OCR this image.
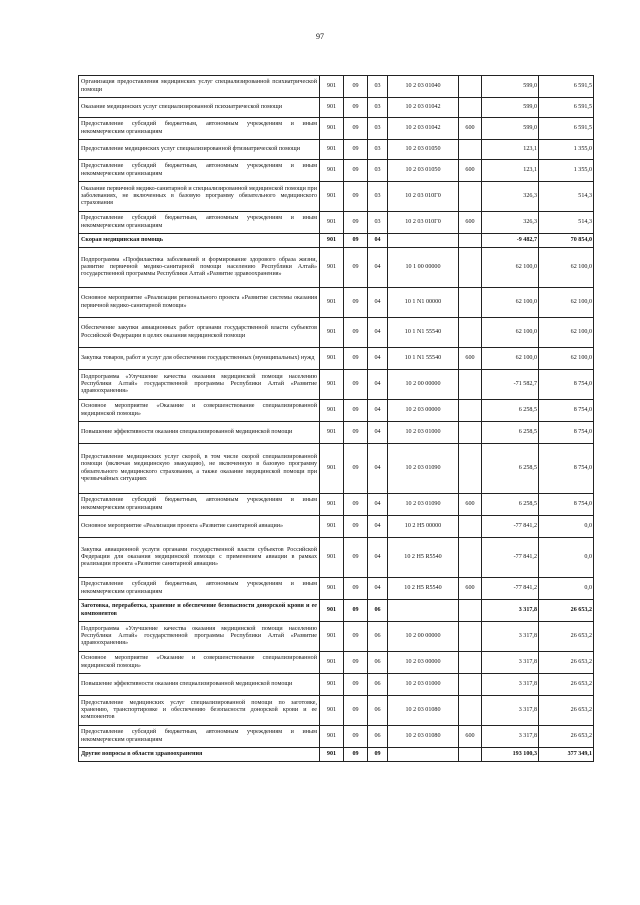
97
Организация предоставления медицинских услуг специализированной психиатрической помощи	901	09	03	10 2 03 01040		599,0	6 591,5
Оказание медицинских услуг специализированной психиатрической помощи	901	09	03	10 2 03 01042		599,0	6 591,5
Предоставление субсидий бюджетным, автономным учреждениям и иным некоммерческим организациям	901	09	03	10 2 03 01042	600	599,0	6 591,5
Предоставление медицинских услуг специализированной фтизиатрической помощи	901	09	03	10 2 03 01050		123,1	1 355,0
Предоставление субсидий бюджетным, автономным учреждениям и иным некоммерческим организациям	901	09	03	10 2 03 01050	600	123,1	1 355,0
Оказание первичной медико-санитарной и специализированной медицинской помощи при заболеваниях, не включенных в базовую программу обязательного медицинского страхования	901	09	03	10 2 03 010Г0		326,3	514,3
Предоставление субсидий бюджетным, автономным учреждениям и иным некоммерческим организациям	901	09	03	10 2 03 010Г0	600	326,3	514,3
Скорая медицинская помощь	901	09	04			-9 482,7	70 854,0
Подпрограмма «Профилактика заболеваний и формирование здорового образа жизни, развитие первичной медико-санитарной помощи населению Республики Алтай» государственной программы Республики Алтай «Развитие здравоохранения»	901	09	04	10 1 00 00000		62 100,0	62 100,0
Основное мероприятие «Реализация регионального проекта «Развитие системы оказания первичной медико-санитарной помощи»	901	09	04	10 1 N1 00000		62 100,0	62 100,0
Обеспечение закупки авиационных работ органами государственной власти субъектов Российской Федерации в целях оказания медицинской помощи	901	09	04	10 1 N1 55540		62 100,0	62 100,0
Закупка товаров, работ и услуг для обеспечения государственных (муниципальных) нужд	901	09	04	10 1 N1 55540	600	62 100,0	62 100,0
Подпрограмма «Улучшение качества оказания медицинской помощи населению Республики Алтай» государственной программы Республики Алтай «Развитие здравоохранения»	901	09	04	10 2 00 00000		-71 582,7	8 754,0
Основное мероприятие «Оказание и совершенствование специализированной медицинской помощи»	901	09	04	10 2 03 00000		6 258,5	8 754,0
Повышение эффективности оказания специализированной медицинской помощи	901	09	04	10 2 03 01000		6 258,5	8 754,0
Предоставление медицинских услуг скорой, в том числе скорой специализированной помощи (включая медицинскую эвакуацию), не включенную в базовую программу обязательного медицинского страхования, а также оказание медицинской помощи при чрезвычайных ситуациях	901	09	04	10 2 03 01090		6 258,5	8 754,0
Предоставление субсидий бюджетным, автономным учреждениям и иным некоммерческим организациям	901	09	04	10 2 03 01090	600	6 258,5	8 754,0
Основное мероприятие «Реализация проекта «Развитие санитарной авиации»	901	09	04	10 2 Н5 00000		-77 841,2	0,0
Закупка авиационной услуги органами государственной власти субъектов Российской Федерации для оказания медицинской помощи с применением авиации в рамках реализации проекта «Развитие санитарной авиации»	901	09	04	10 2 Н5 R5540		-77 841,2	0,0
Предоставление субсидий бюджетным, автономным учреждениям и иным некоммерческим организациям	901	09	04	10 2 Н5 R5540	600	-77 841,2	0,0
Заготовка, переработка, хранение и обеспечение безопасности донорской крови и ее компонентов	901	09	06			3 317,8	26 653,2
Подпрограмма «Улучшение качества оказания медицинской помощи населению Республики Алтай» государственной программы Республики Алтай «Развитие здравоохранения»	901	09	06	10 2 00 00000		3 317,8	26 653,2
Основное мероприятие «Оказание и совершенствование специализированной медицинской помощи»	901	09	06	10 2 03 00000		3 317,8	26 653,2
Повышение эффективности оказания специализированной медицинской помощи	901	09	06	10 2 03 01000		3 317,8	26 653,2
Предоставление медицинских услуг специализированной помощи по заготовке, хранению, транспортировке и обеспечению безопасности донорской крови и ее компонентов	901	09	06	10 2 03 01080		3 317,8	26 653,2
Предоставление субсидий бюджетным, автономным учреждениям и иным некоммерческим организациям	901	09	06	10 2 03 01080	600	3 317,8	26 653,2
Другие вопросы в области здравоохранения	901	09	09			193 100,3	377 349,1
